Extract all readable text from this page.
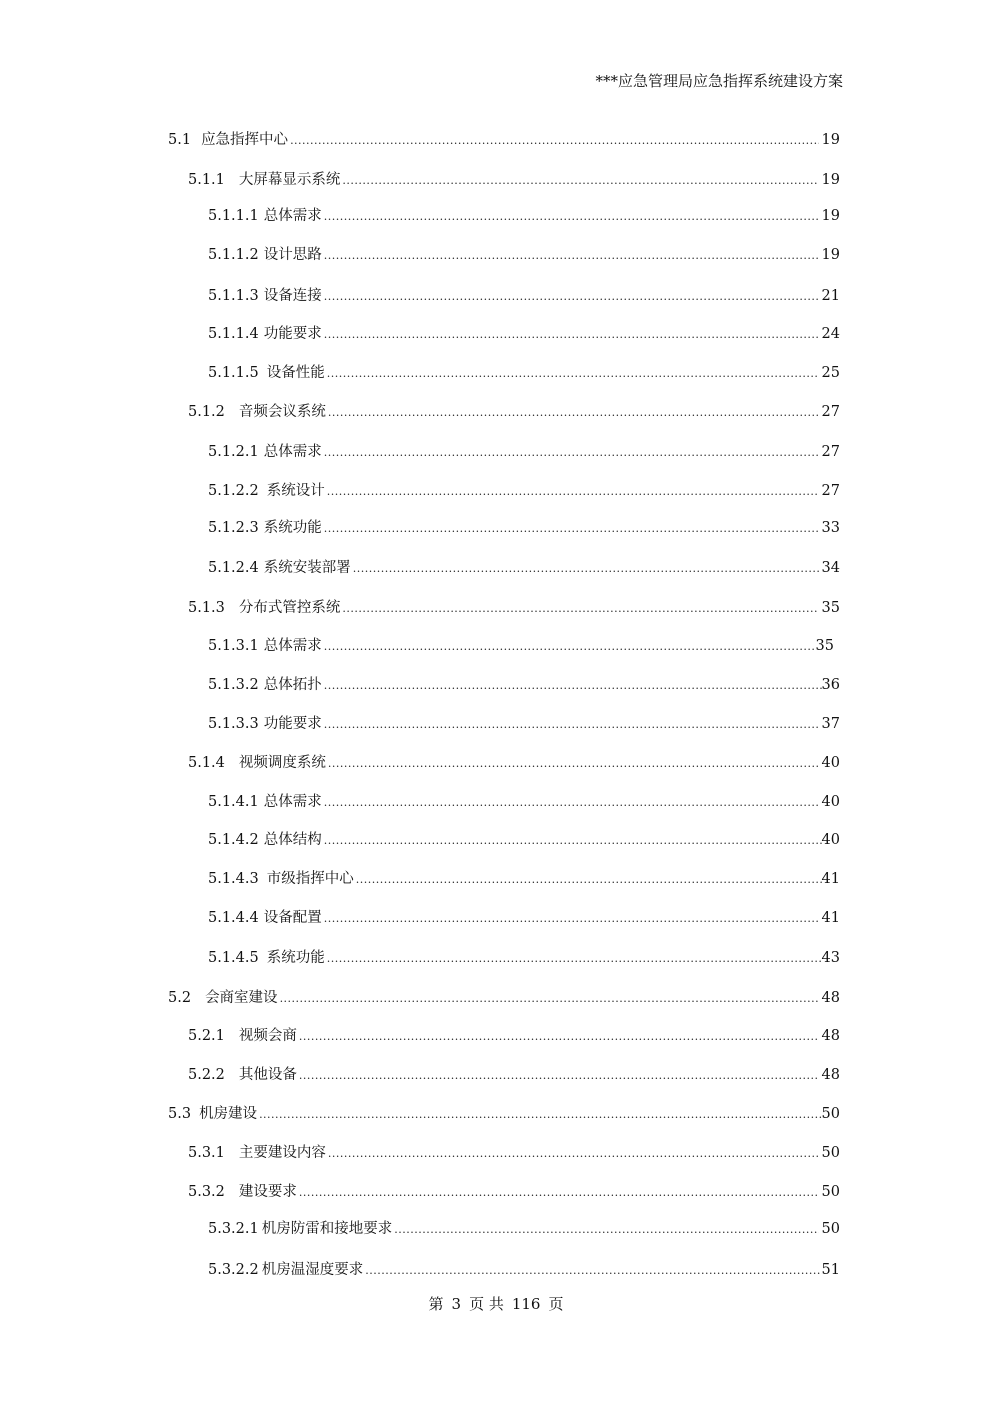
***应急管理局应急指挥系统建设方案
5.1 应急指挥中心 .....	19
5.1.1 大屏幕显示系统 .....	19
5.1.1.1 总体需求 .....	19
5.1.1.2 设计思路 .....	19
5.1.1.3 设备连接 .....	21
5.1.1.4 功能要求 .....	24
5.1.1.5 设备性能 .....	25
5.1.2 音频会议系统 .....	27
5.1.2.1 总体需求 .....	27
5.1.2.2 系统设计 .....	27
5.1.2.3 系统功能 .....	33
5.1.2.4 系统安装部署 .....	34
5.1.3 分布式管控系统 .....	35
5.1.3.1 总体需求 .....	35
5.1.3.2 总体拓扑 .....	36
5.1.3.3 功能要求 .....	37
5.1.4 视频调度系统 .....	40
5.1.4.1 总体需求 .....	40
5.1.4.2 总体结构 .....	40
5.1.4.3 市级指挥中心 .....	41
5.1.4.4 设备配置 .....	41
5.1.4.5 系统功能 .....	43
5.2 会商室建设 .....	48
5.2.1 视频会商 .....	48
5.2.2 其他设备 .....	48
5.3 机房建设 .....	50
5.3.1 主要建设内容 .....	50
5.3.2 建设要求 .....	50
5.3.2.1 机房防雷和接地要求 .....	50
5.3.2.2 机房温湿度要求 .....	51
第 3 页 共 116 页
